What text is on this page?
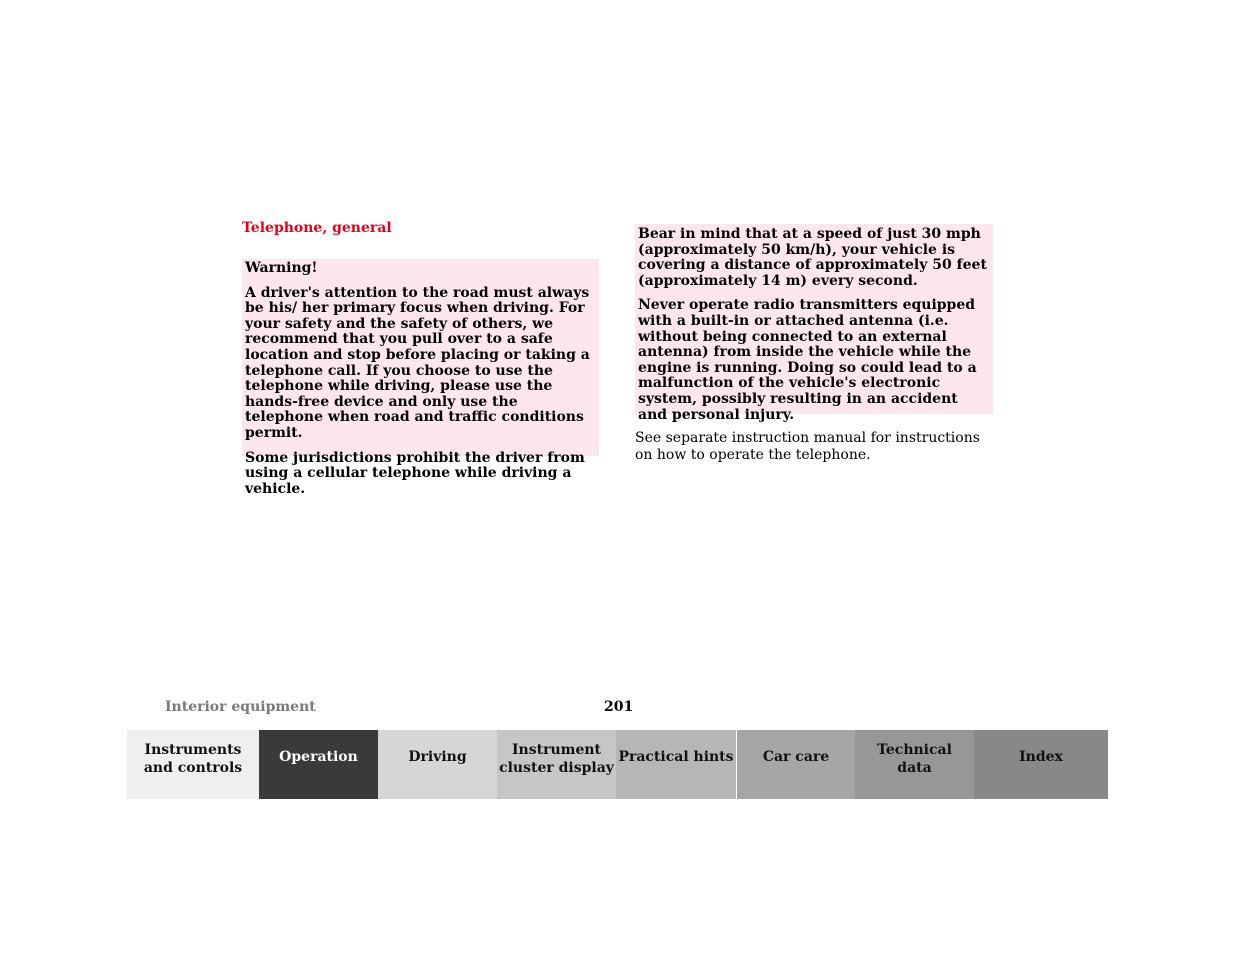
Telephone, general

Warning!

A driver's attention to the road must always be his/ her primary focus when driving. For your safety and the safety of others, we recommend that you pull over to a safe location and stop before placing or taking a telephone call. If you choose to use the telephone while driving, please use the hands-free device and only use the telephone when road and traffic conditions permit.

Some jurisdictions prohibit the driver from using a cellular telephone while driving a vehicle.

Bear in mind that at a speed of just 30 mph (approximately 50 km/h), your vehicle is covering a distance of approximately 50 feet (approximately 14 m) every second.

Never operate radio transmitters equipped with a built-in or attached antenna (i.e. without being connected to an external antenna) from inside the vehicle while the engine is running. Doing so could lead to a malfunction of the vehicle's electronic system, possibly resulting in an accident and personal injury.

See separate instruction manual for instructions on how to operate the telephone.

Interior equipment	201
Instruments
and controls
Operation	Driving	Instrument
cluster display
Practical hints Car care	Technical
data
Index
